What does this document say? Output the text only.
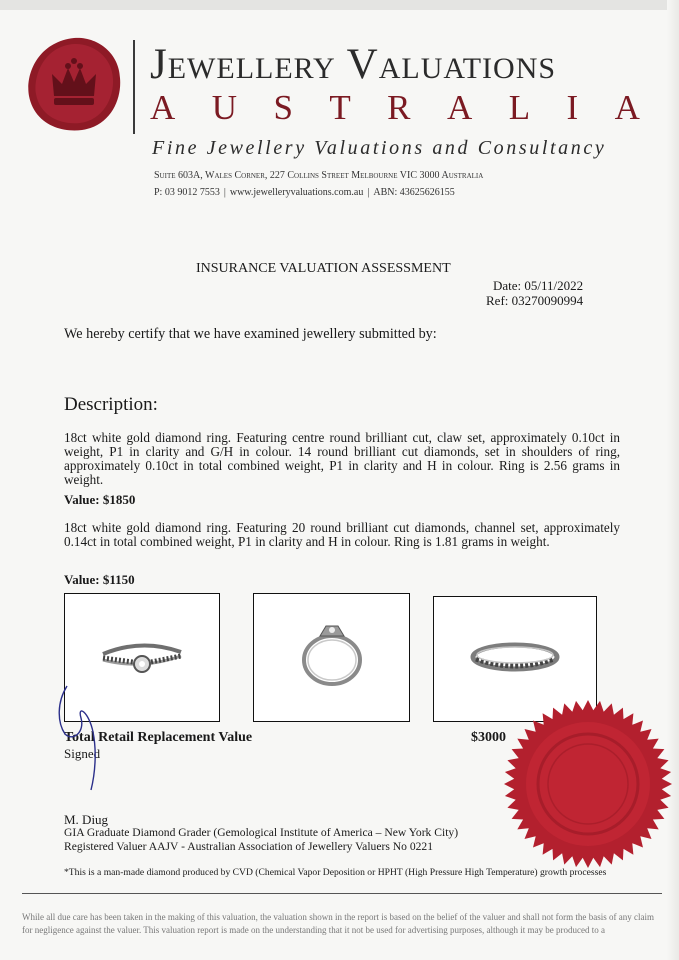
Jewellery Valuations
A U S T R A L I A
Fine Jewellery Valuations and Consultancy
Suite 603A, Wales Corner, 227 Collins Street Melbourne VIC 3000 Australia
P: 03 9012 7553 | www.jewelleryvaluations.com.au | ABN: 43625626155
INSURANCE VALUATION ASSESSMENT
Date: 05/11/2022
Ref: 03270090994
We hereby certify that we have examined jewellery submitted by:
Description:
18ct white gold diamond ring. Featuring centre round brilliant cut, claw set, approximately 0.10ct in weight, P1 in clarity and G/H in colour. 14 round brilliant cut diamonds, set in shoulders of ring, approximately 0.10ct in total combined weight, P1 in clarity and H in colour. Ring is 2.56 grams in weight.
Value: $1850
18ct white gold diamond ring. Featuring 20 round brilliant cut diamonds, channel set, approximately 0.14ct in total combined weight, P1 in clarity and H in colour. Ring is 1.81 grams in weight.
Value: $1150
Total Retail Replacement Value	$3000
Signed
M. Diug
GIA Graduate Diamond Grader (Gemological Institute of America – New York City)
Registered Valuer AAJV - Australian Association of Jewellery Valuers No 0221
*This is a man-made diamond produced by CVD (Chemical Vapor Deposition or HPHT (High Pressure High Temperature) growth processes
While all due care has been taken in the making of this valuation, the valuation shown in the report is based on the belief of the valuer and shall not form the basis of any claim for negligence against the valuer. This valuation report is made on the understanding that it not be used for advertising purposes, although it may be produced to a
